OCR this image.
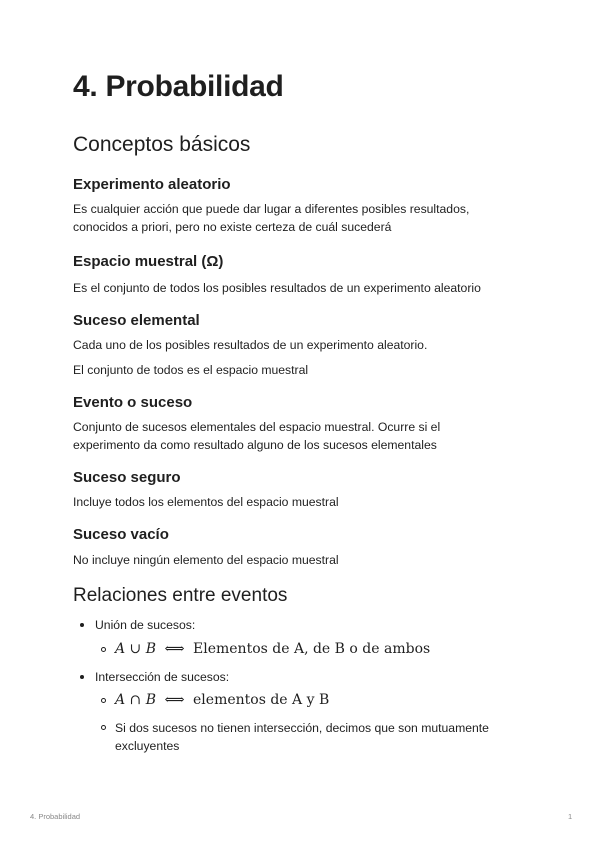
4. Probabilidad
Conceptos básicos
Experimento aleatorio

Es cualquier acción que puede dar lugar a diferentes posibles resultados,

conocidos a priori, pero no existe certeza de cuál sucederá

Espacio muestral (Ω)

Es el conjunto de todos los posibles resultados de un experimento aleatorio

Suceso elemental

Cada uno de los posibles resultados de un experimento aleatorio.

El conjunto de todos es el espacio muestral

Evento o suceso

Conjunto de sucesos elementales del espacio muestral. Ocurre si el

experimento da como resultado alguno de los sucesos elementales

Suceso seguro

Incluye todos los elementos del espacio muestral

Suceso vacío

No incluye ningún elemento del espacio muestral

Relaciones entre eventos
Unión de sucesos:
A ∪ B ⟺ Elementos de A, de B o de ambos
Intersección de sucesos:
A ∩ B ⟺ elementos de A y B
Si dos sucesos no tienen intersección, decimos que son mutuamente
excluyentes
4. Probabilidad	1
